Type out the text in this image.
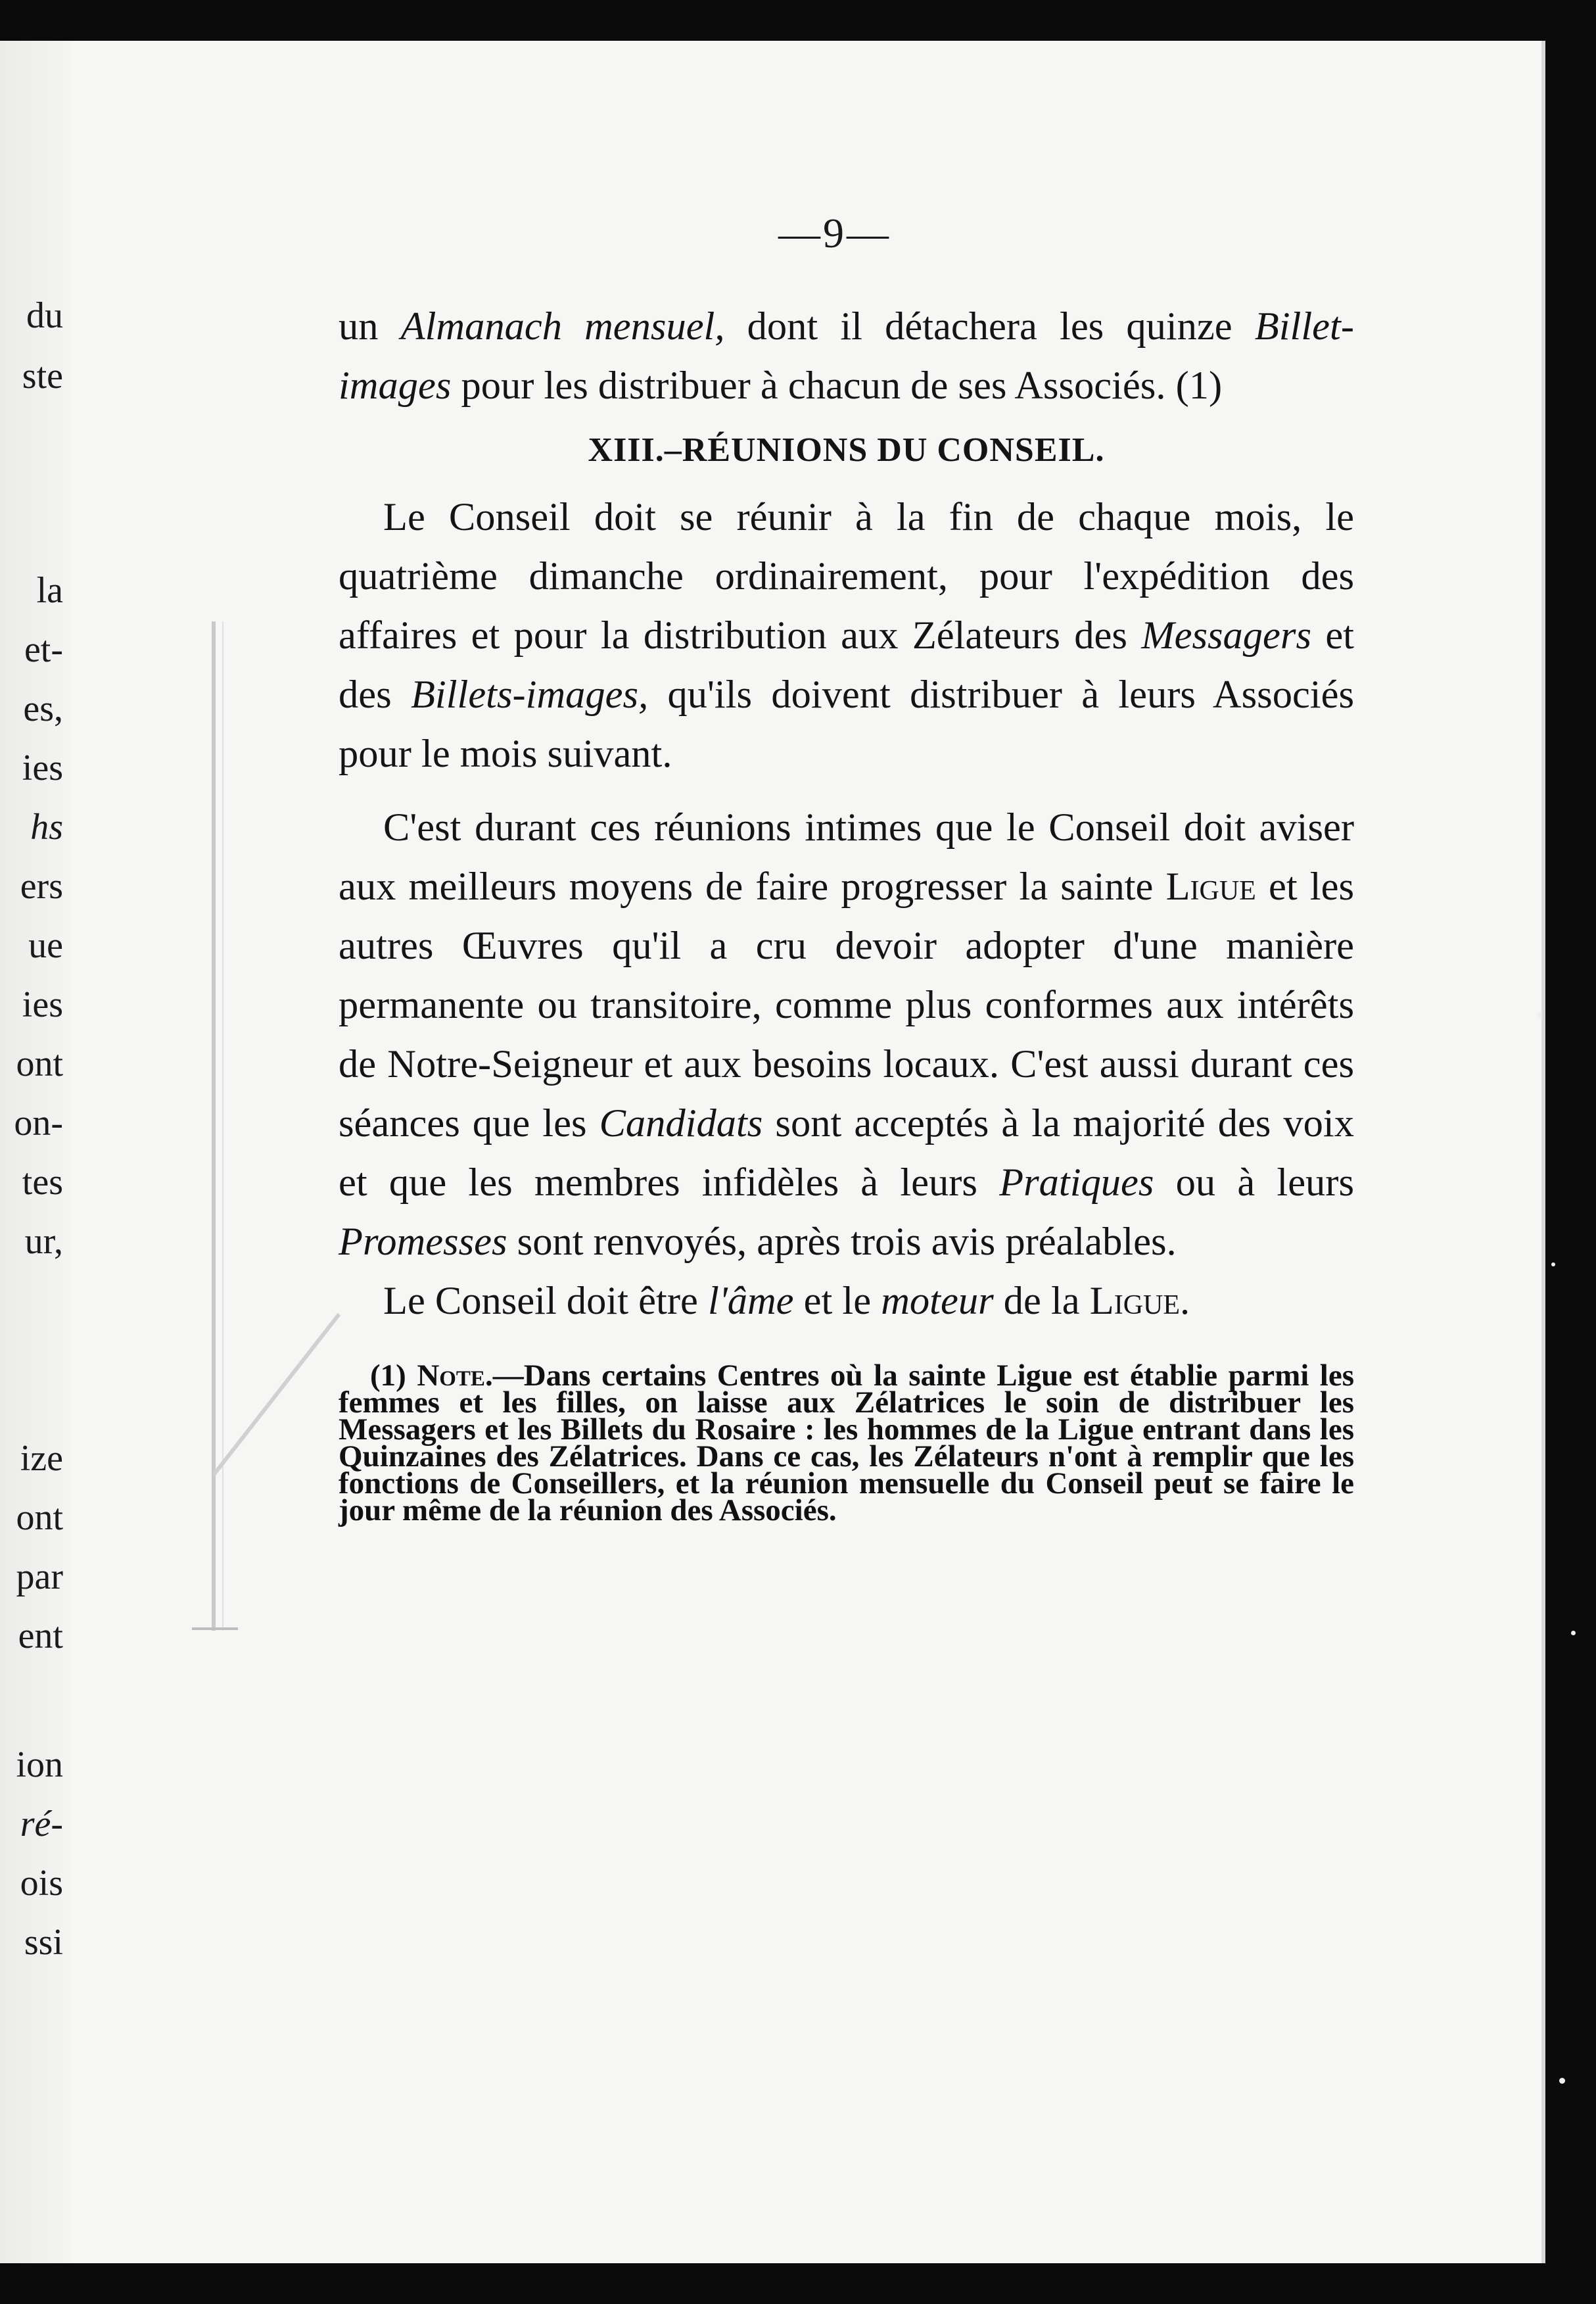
du
ste
la
et-
es,
ies
hs
ers
ue
ies
ont
on-
tes
ur,
ize
ont
par
ent
ion
ré-
ois
ssi
—9—

un Almanach mensuel, dont il détachera les quinze Billet-images pour les distribuer à chacun de ses Associés. (1)

XIII.–RÉUNIONS DU CONSEIL.

Le Conseil doit se réunir à la fin de chaque mois, le quatrième dimanche ordinairement, pour l'expédition des affaires et pour la distribution aux Zélateurs des Messagers et des Billets-images, qu'ils doivent distribuer à leurs Associés pour le mois suivant.

C'est durant ces réunions intimes que le Conseil doit aviser aux meilleurs moyens de faire progresser la sainte Ligue et les autres Œuvres qu'il a cru devoir adopter d'une manière permanente ou transitoire, comme plus conformes aux intérêts de Notre-Seigneur et aux besoins locaux. C'est aussi durant ces séances que les Candidats sont acceptés à la majorité des voix et que les membres infidèles à leurs Pratiques ou à leurs Promesses sont renvoyés, après trois avis préalables.

Le Conseil doit être l'âme et le moteur de la Ligue.

(1) Note.—Dans certains Centres où la sainte Ligue est établie parmi les femmes et les filles, on laisse aux Zélatrices le soin de distribuer les Messagers et les Billets du Rosaire : les hommes de la Ligue entrant dans les Quinzaines des Zélatrices. Dans ce cas, les Zélateurs n'ont à remplir que les fonctions de Conseillers, et la réunion mensuelle du Conseil peut se faire le jour même de la réunion des Associés.
